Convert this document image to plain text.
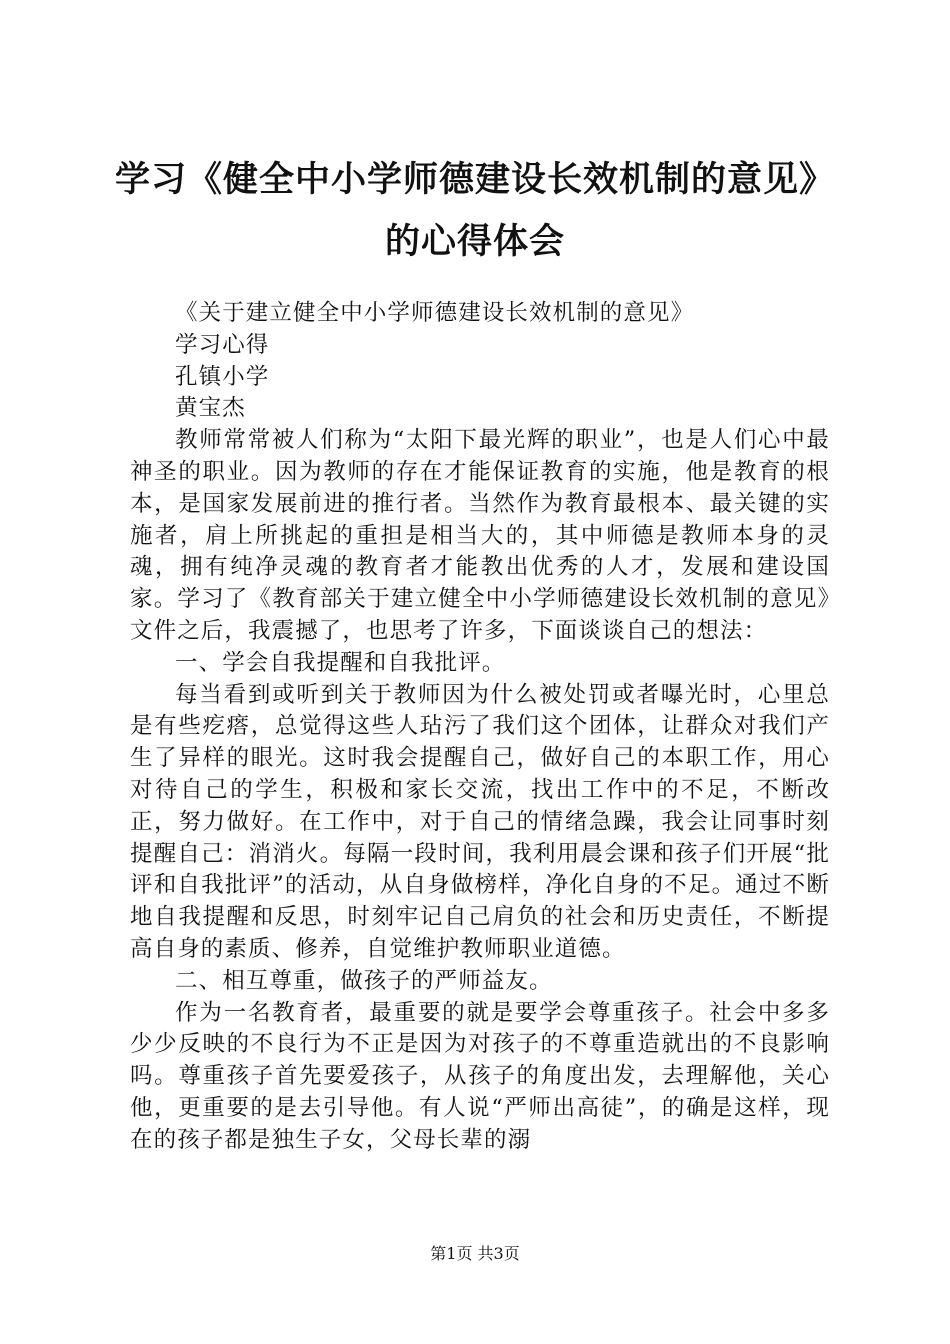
学习《健全中小学师德建设长效机制的意见》
的心得体会

《关于建立健全中小学师德建设长效机制的意见》

学习心得

孔镇小学

黄宝杰

教师常常被人们称为“太阳下最光辉的职业”，也是人们心中最神圣的职业。因为教师的存在才能保证教育的实施，他是教育的根本，是国家发展前进的推行者。当然作为教育最根本、最关键的实施者，肩上所挑起的重担是相当大的，其中师德是教师本身的灵魂，拥有纯净灵魂的教育者才能教出优秀的人才，发展和建设国家。学习了《教育部关于建立健全中小学师德建设长效机制的意见》文件之后，我震撼了，也思考了许多，下面谈谈自己的想法：

一、学会自我提醒和自我批评。

每当看到或听到关于教师因为什么被处罚或者曝光时，心里总是有些疙瘩，总觉得这些人玷污了我们这个团体，让群众对我们产生了异样的眼光。这时我会提醒自己，做好自己的本职工作，用心对待自己的学生，积极和家长交流，找出工作中的不足，不断改正，努力做好。在工作中，对于自己的情绪急躁，我会让同事时刻提醒自己：消消火。每隔一段时间，我利用晨会课和孩子们开展“批评和自我批评”的活动，从自身做榜样，净化自身的不足。通过不断地自我提醒和反思，时刻牢记自己肩负的社会和历史责任，不断提高自身的素质、修养，自觉维护教师职业道德。

二、相互尊重，做孩子的严师益友。

作为一名教育者，最重要的就是要学会尊重孩子。社会中多多少少反映的不良行为不正是因为对孩子的不尊重造就出的不良影响吗。尊重孩子首先要爱孩子，从孩子的角度出发，去理解他，关心他，更重要的是去引导他。有人说“严师出高徒”，的确是这样，现在的孩子都是独生子女，父母长辈的溺

第1页 共3页
